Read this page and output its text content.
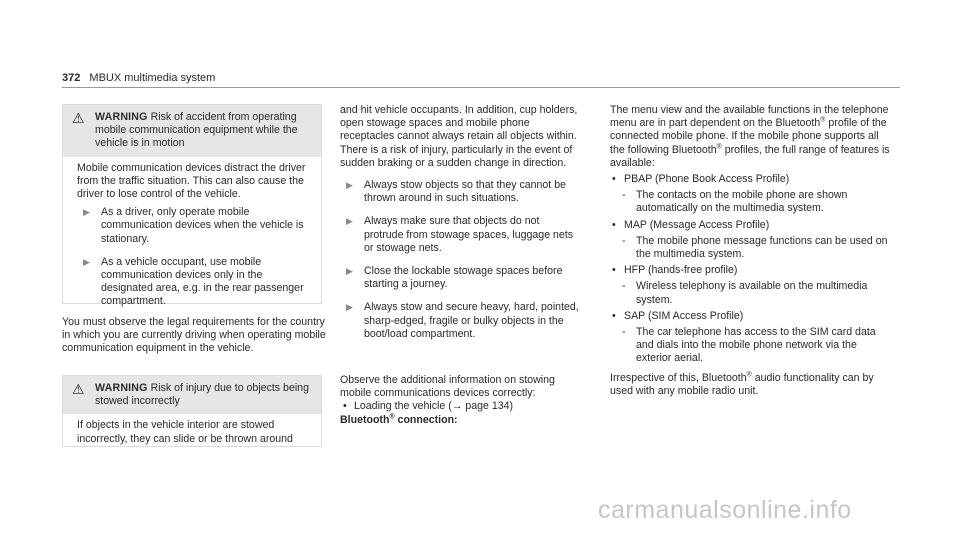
372 MBUX multimedia system
⚠ WARNING Risk of accident from operating mobile communication equipment while the vehicle is in motion

Mobile communication devices distract the driver from the traffic situation. This can also cause the driver to lose control of the vehicle.

▶ As a driver, only operate mobile communication devices when the vehicle is stationary.
▶ As a vehicle occupant, use mobile communication devices only in the designated area, e.g. in the rear passenger compartment.

You must observe the legal requirements for the country in which you are currently driving when operating mobile communication equipment in the vehicle.

⚠ WARNING Risk of injury due to objects being stowed incorrectly

If objects in the vehicle interior are stowed incorrectly, they can slide or be thrown around

and hit vehicle occupants. In addition, cup holders, open stowage spaces and mobile phone receptacles cannot always retain all objects within.

There is a risk of injury, particularly in the event of sudden braking or a sudden change in direction.

▶ Always stow objects so that they cannot be thrown around in such situations.
▶ Always make sure that objects do not protrude from stowage spaces, luggage nets or stowage nets.
▶ Close the lockable stowage spaces before starting a journey.
▶ Always stow and secure heavy, hard, pointed, sharp-edged, fragile or bulky objects in the boot/load compartment.

Observe the additional information on stowing mobile communications devices correctly:

• Loading the vehicle (→ page 134)

Bluetooth® connection:

The menu view and the available functions in the telephone menu are in part dependent on the Bluetooth® profile of the connected mobile phone. If the mobile phone supports all the following Bluetooth® profiles, the full range of features is available:

• PBAP (Phone Book Access Profile)
- The contacts on the mobile phone are shown automatically on the multimedia system.
• MAP (Message Access Profile)
- The mobile phone message functions can be used on the multimedia system.
• HFP (hands-free profile)
- Wireless telephony is available on the multimedia system.
• SAP (SIM Access Profile)
- The car telephone has access to the SIM card data and dials into the mobile phone network via the exterior aerial.

Irrespective of this, Bluetooth® audio functionality can by used with any mobile radio unit.

carmanualsonline.info
